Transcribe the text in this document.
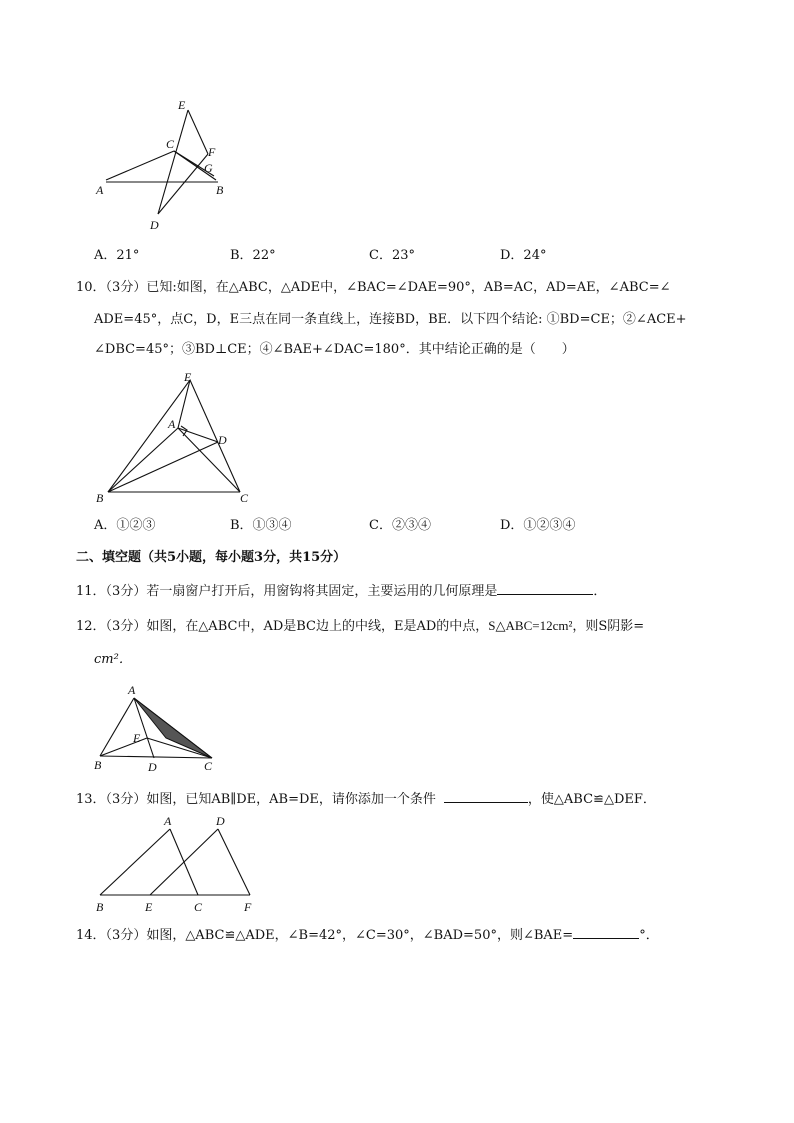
E
C
F
G
A	B
D
A．21°	B．22°	C．23°	D．24°
10．（3分）已知:如图，在△ABC，△ADE中，∠BAC=∠DAE=90°，AB=AC，AD=AE，∠ABC=∠
ADE=45°，点C，D，E三点在同一条直线上，连接BD，BE．以下四个结论: ①BD=CE；②∠ACE+
∠DBC=45°；③BD⊥CE；④∠BAE+∠DAC=180°．其中结论正确的是（　　）
E
A
D
B	C
A．①②③	B．①③④	C．②③④	D．①②③④
二、填空题（共5小题，每小题3分，共15分）
11．（3分）若一扇窗户打开后，用窗钩将其固定，主要运用的几何原理是	．
12．（3分）如图，在△ABC中，AD是BC边上的中线，E是AD的中点，S△ABC=12cm²，则S阴影=
cm²．
A
E
B	D	C
13．（3分）如图，已知AB∥DE，AB=DE，请你添加一个条件	，使△ABC≌△DEF．
A	D
B	E	C	F
14．（3分）如图，△ABC≌△ADE，∠B=42°，∠C=30°，∠BAD=50°，则∠BAE=	°．
